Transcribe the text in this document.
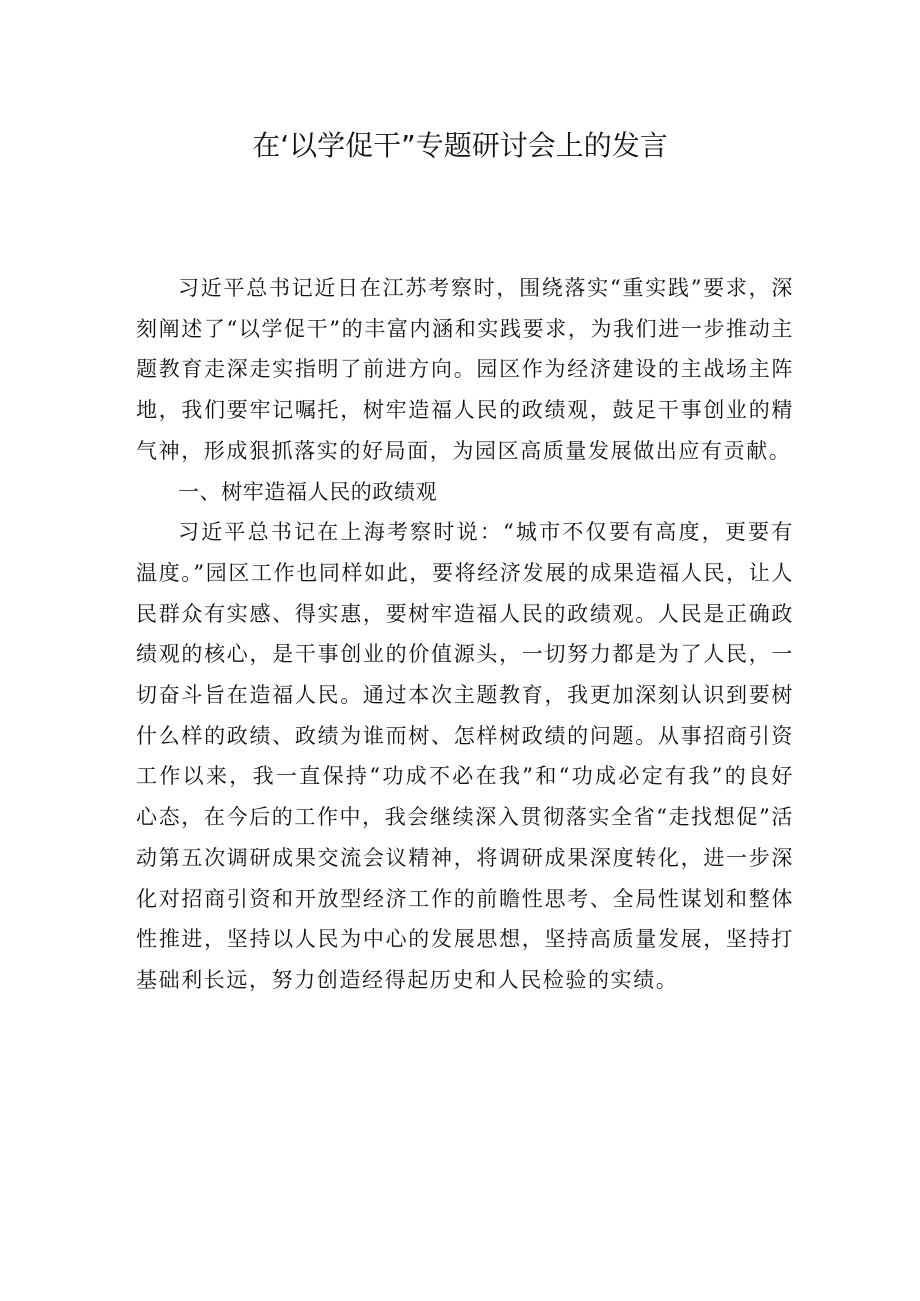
在‘以学促干”专题研讨会上的发言

习近平总书记近日在江苏考察时，围绕落实“重实践”要求，深刻阐述了“以学促干”的丰富内涵和实践要求，为我们进一步推动主题教育走深走实指明了前进方向。园区作为经济建设的主战场主阵地，我们要牢记嘱托，树牢造福人民的政绩观，鼓足干事创业的精气神，形成狠抓落实的好局面，为园区高质量发展做出应有贡献。

一、树牢造福人民的政绩观

习近平总书记在上海考察时说：“城市不仅要有高度，更要有温度。”园区工作也同样如此，要将经济发展的成果造福人民，让人民群众有实感、得实惠，要树牢造福人民的政绩观。人民是正确政绩观的核心，是干事创业的价值源头，一切努力都是为了人民，一切奋斗旨在造福人民。通过本次主题教育，我更加深刻认识到要树什么样的政绩、政绩为谁而树、怎样树政绩的问题。从事招商引资工作以来，我一直保持“功成不必在我”和“功成必定有我”的良好心态，在今后的工作中，我会继续深入贯彻落实全省“走找想促”活动第五次调研成果交流会议精神，将调研成果深度转化，进一步深化对招商引资和开放型经济工作的前瞻性思考、全局性谋划和整体性推进，坚持以人民为中心的发展思想，坚持高质量发展，坚持打基础利长远，努力创造经得起历史和人民检验的实绩。
